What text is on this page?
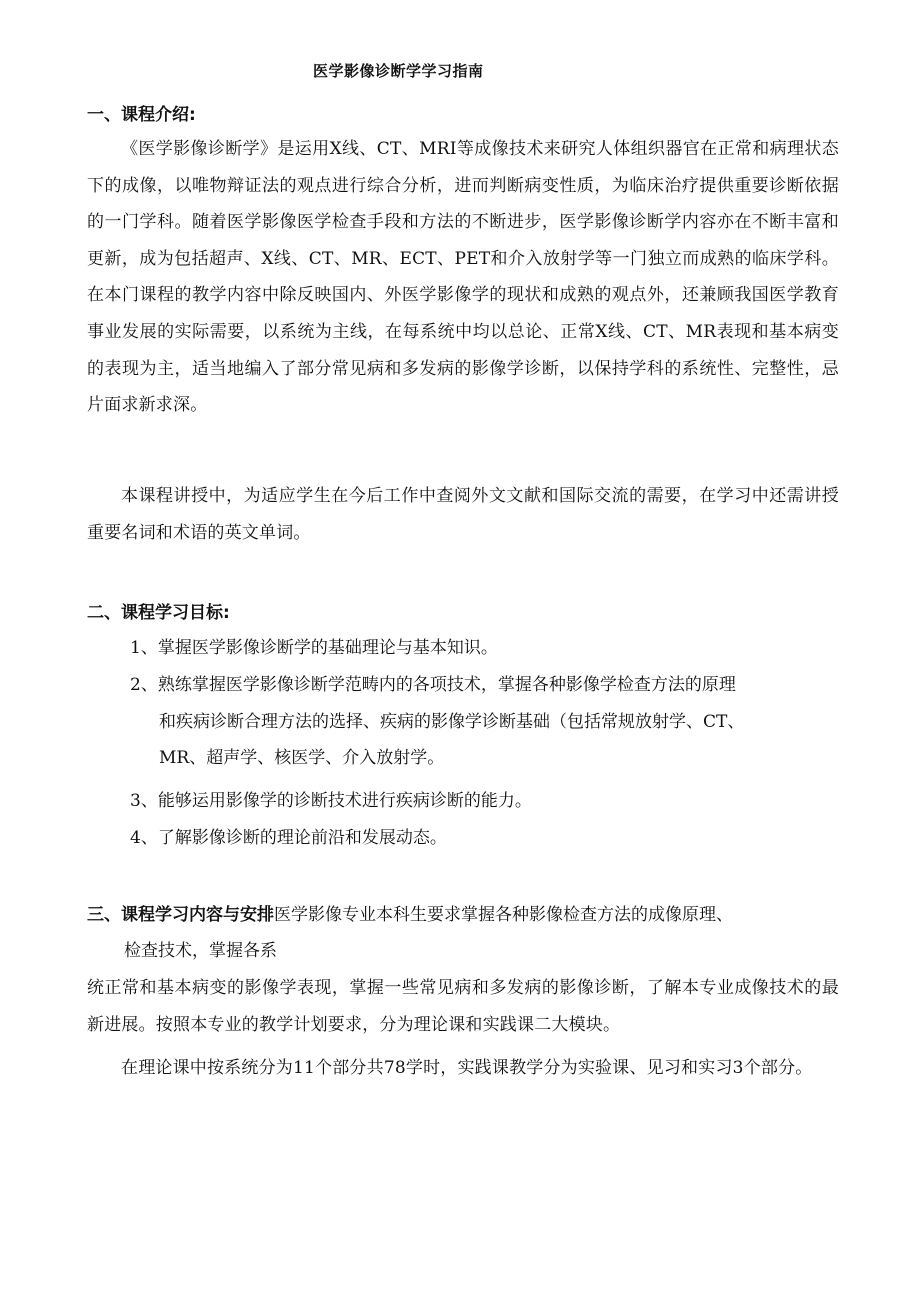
医学影像诊断学学习指南
一、课程介绍:

《医学影像诊断学》是运用X线、CT、MRI等成像技术来研究人体组织器官在正常和病理状态下的成像，以唯物辩证法的观点进行综合分析，进而判断病变性质，为临床治疗提供重要诊断依据的一门学科。随着医学影像医学检查手段和方法的不断进步，医学影像诊断学内容亦在不断丰富和更新，成为包括超声、X线、CT、MR、ECT、PET和介入放射学等一门独立而成熟的临床学科。在本门课程的教学内容中除反映国内、外医学影像学的现状和成熟的观点外，还兼顾我国医学教育事业发展的实际需要，以系统为主线，在每系统中均以总论、正常X线、CT、MR表现和基本病变的表现为主，适当地编入了部分常见病和多发病的影像学诊断，以保持学科的系统性、完整性，忌片面求新求深。

本课程讲授中，为适应学生在今后工作中查阅外文文献和国际交流的需要，在学习中还需讲授重要名词和术语的英文单词。

二、课程学习目标:

1、掌握医学影像诊断学的基础理论与基本知识。

2、熟练掌握医学影像诊断学范畴内的各项技术，掌握各种影像学检查方法的原理
和疾病诊断合理方法的选择、疾病的影像学诊断基础（包括常规放射学、CT、
MR、超声学、核医学、介入放射学。

3、能够运用影像学的诊断技术进行疾病诊断的能力。

4、了解影像诊断的理论前沿和发展动态。

三、课程学习内容与安排医学影像专业本科生要求掌握各种影像检查方法的成像原理、
检查技术，掌握各系

统正常和基本病变的影像学表现，掌握一些常见病和多发病的影像诊断，了解本专业成像技术的最新进展。按照本专业的教学计划要求，分为理论课和实践课二大模块。

在理论课中按系统分为11个部分共78学时，实践课教学分为实验课、见习和实习3个部分。
